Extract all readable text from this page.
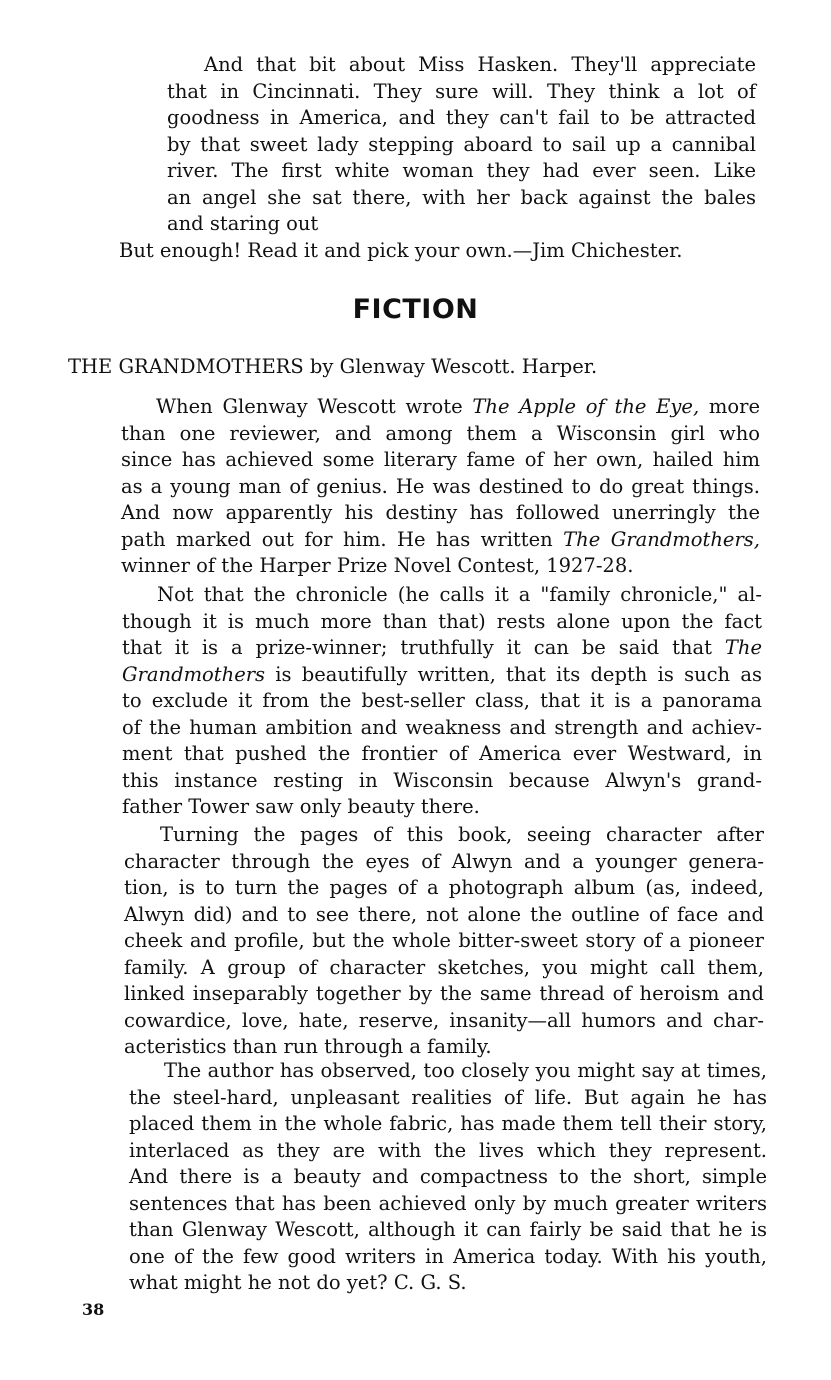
And that bit about Miss Hasken. They'll appreciate
that in Cincinnati. They sure will. They think a lot of
goodness in America, and they can't fail to be attracted
by that sweet lady stepping aboard to sail up a cannibal
river. The first white woman they had ever seen. Like
an angel she sat there, with her back against the bales
and staring out
But enough! Read it and pick your own.—Jim Chichester.
FICTION
THE GRANDMOTHERS by Glenway Wescott. Harper.
When Glenway Wescott wrote The Apple of the Eye, more
than one reviewer, and among them a Wisconsin girl who
since has achieved some literary fame of her own, hailed him
as a young man of genius. He was destined to do great things.
And now apparently his destiny has followed unerringly the
path marked out for him. He has written The Grandmothers,
winner of the Harper Prize Novel Contest, 1927-28.
Not that the chronicle (he calls it a "family chronicle," al-
though it is much more than that) rests alone upon the fact
that it is a prize-winner; truthfully it can be said that The
Grandmothers is beautifully written, that its depth is such as
to exclude it from the best-seller class, that it is a panorama
of the human ambition and weakness and strength and achiev-
ment that pushed the frontier of America ever Westward, in
this instance resting in Wisconsin because Alwyn's grand-
father Tower saw only beauty there.
Turning the pages of this book, seeing character after
character through the eyes of Alwyn and a younger genera-
tion, is to turn the pages of a photograph album (as, indeed,
Alwyn did) and to see there, not alone the outline of face and
cheek and profile, but the whole bitter-sweet story of a pioneer
family. A group of character sketches, you might call them,
linked inseparably together by the same thread of heroism and
cowardice, love, hate, reserve, insanity—all humors and char-
acteristics than run through a family.
The author has observed, too closely you might say at times,
the steel-hard, unpleasant realities of life. But again he has
placed them in the whole fabric, has made them tell their story,
interlaced as they are with the lives which they represent.
And there is a beauty and compactness to the short, simple
sentences that has been achieved only by much greater writers
than Glenway Wescott, although it can fairly be said that he is
one of the few good writers in America today. With his youth,
what might he not do yet? C. G. S.
38
